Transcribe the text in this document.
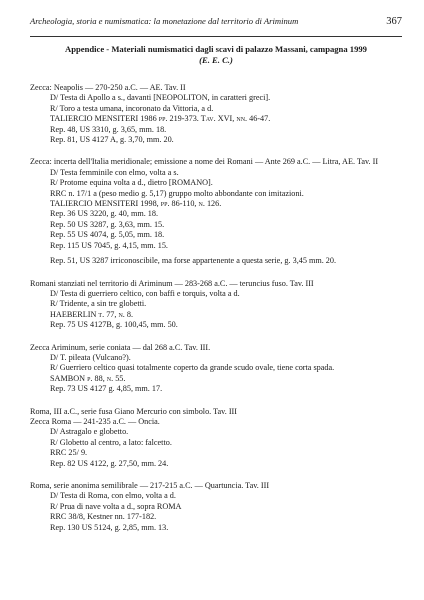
Archeologia, storia e numismatica: la monetazione dal territorio di Ariminum	367
Appendice - Materiali numismatici dagli scavi di palazzo Massani, campagna 1999
(E. E. C.)

Zecca: Neapolis — 270-250 a.C. — AE. Tav. II

D/ Testa di Apollo a s., davanti [NEOPOLITON, in caratteri greci].

R/ Toro a testa umana, incoronato da Vittoria, a d.

TALIERCIO MENSITERI 1986 pp. 219-373. Tav. XVI, nn. 46-47.

Rep. 48, US 3310, g. 3,65, mm. 18.

Rep. 81, US 4127 A, g. 3,70, mm. 20.

Zecca: incerta dell'Italia meridionale; emissione a nome dei Romani — Ante 269 a.C. — Litra, AE. Tav. II

D/ Testa femminile con elmo, volta a s.

R/ Protome equina volta a d., dietro [ROMANO].

RRC n. 17/1 a (peso medio g. 5,17) gruppo molto abbondante con imitazioni.

TALIERCIO MENSITERI 1998, pp. 86-110, n. 126.

Rep. 36 US 3220, g. 40, mm. 18.

Rep. 50 US 3287, g. 3,63, mm. 15.

Rep. 55 US 4074, g. 5,05, mm. 18.

Rep. 115 US 7045, g. 4,15, mm. 15.

Rep. 51, US 3287 irriconoscibile, ma forse appartenente a questa serie, g. 3,45 mm. 20.

Romani stanziati nel territorio di Ariminum — 283-268 a.C. — teruncius fuso. Tav. III

D/ Testa di guerriero celtico, con baffi e torquis, volta a d.

R/ Tridente, a sin tre globetti.

HAEBERLIN t. 77, n. 8.

Rep. 75 US 4127B, g. 100,45, mm. 50.

Zecca Ariminum, serie coniata — dal 268 a.C. Tav. III.

D/ T. pileata (Vulcano?).

R/ Guerriero celtico quasi totalmente coperto da grande scudo ovale, tiene corta spada.

SAMBON p. 88, n. 55.

Rep. 73 US 4127 g. 4,85, mm. 17.

Roma, III a.C., serie fusa Giano Mercurio con simbolo. Tav. III

Zecca Roma — 241-235 a.C. — Oncia.

D/ Astragalo e globetto.

R/ Globetto al centro, a lato: falcetto.

RRC 25/ 9.

Rep. 82 US 4122, g. 27,50, mm. 24.

Roma, serie anonima semilibrale — 217-215 a.C. — Quartuncia. Tav. III

D/ Testa di Roma, con elmo, volta a d.

R/ Prua di nave volta a d., sopra ROMA

RRC 38/8, Kestner nn. 177-182.

Rep. 130 US 5124, g. 2,85, mm. 13.
